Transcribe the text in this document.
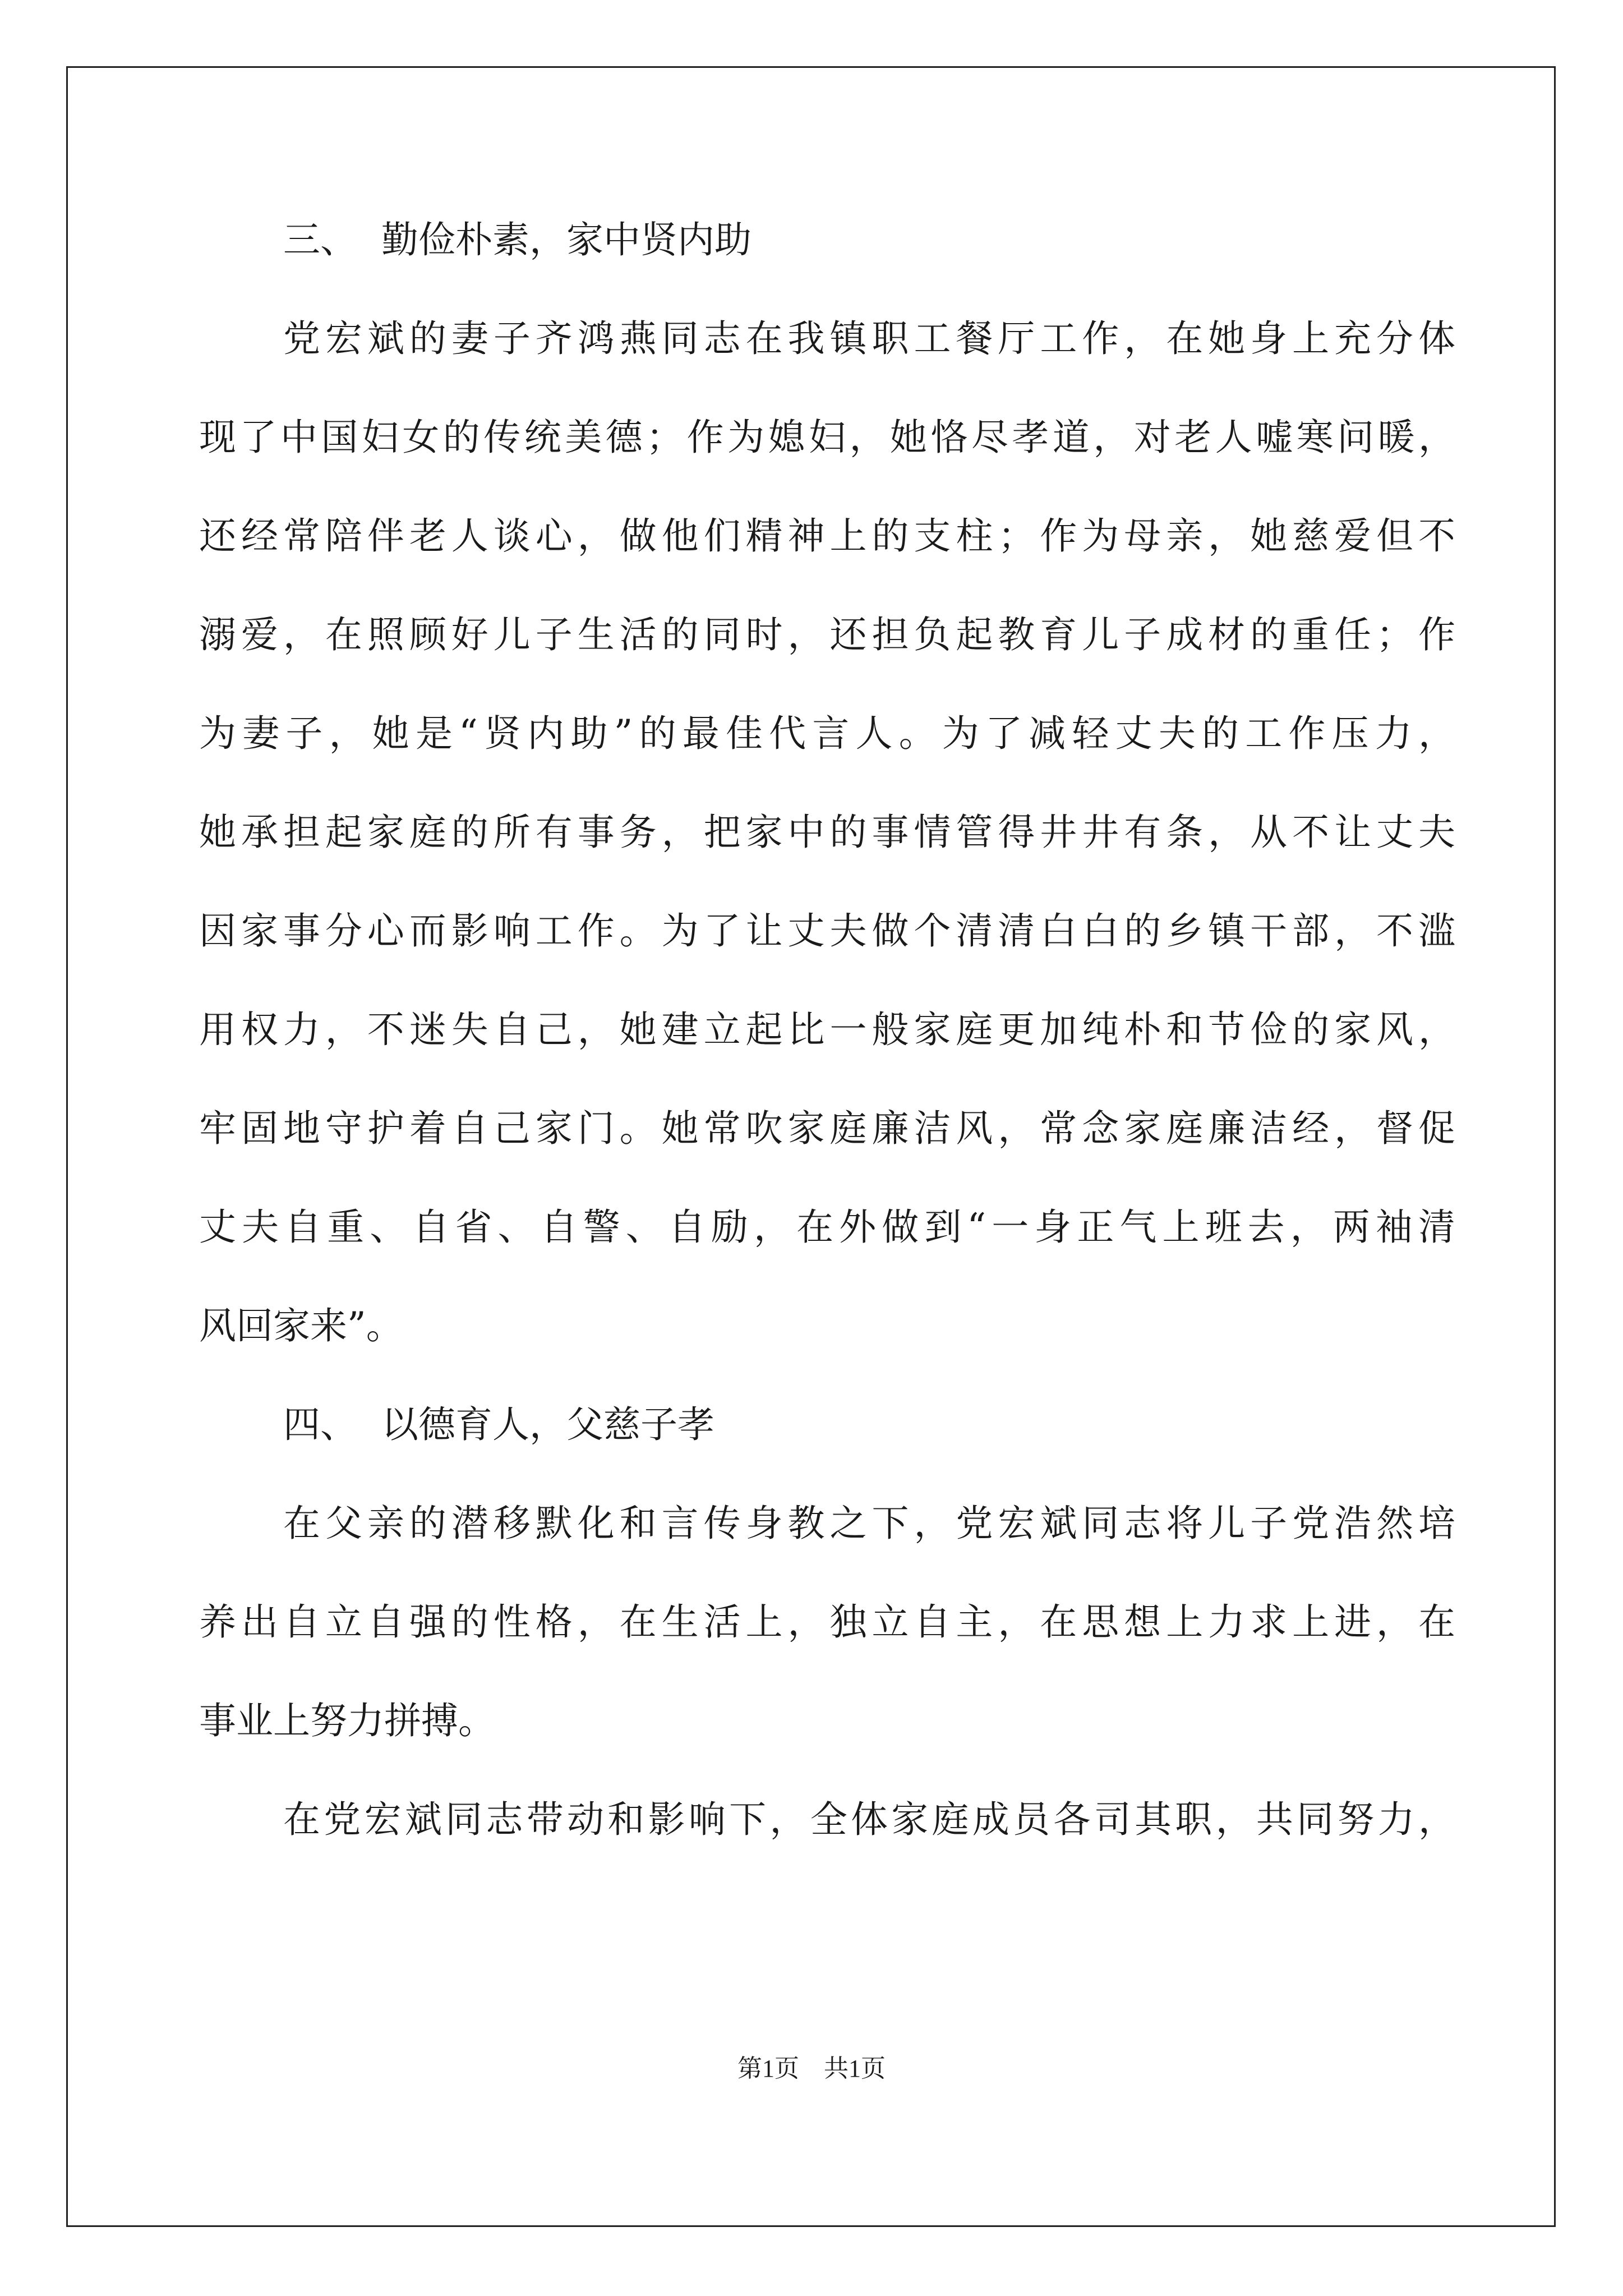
三、 勤俭朴素，家中贤内助
党宏斌的妻子齐鸿燕同志在我镇职工餐厅工作，在她身上充分体
现了中国妇女的传统美德；作为媳妇，她恪尽孝道，对老人嘘寒问暖，
还经常陪伴老人谈心，做他们精神上的支柱；作为母亲，她慈爱但不
溺爱，在照顾好儿子生活的同时，还担负起教育儿子成材的重任；作
为妻子，她是“贤内助”的最佳代言人。为了减轻丈夫的工作压力，
她承担起家庭的所有事务，把家中的事情管得井井有条，从不让丈夫
因家事分心而影响工作。为了让丈夫做个清清白白的乡镇干部，不滥
用权力，不迷失自己，她建立起比一般家庭更加纯朴和节俭的家风，
牢固地守护着自己家门。她常吹家庭廉洁风，常念家庭廉洁经，督促
丈夫自重、自省、自警、自励，在外做到“一身正气上班去，两袖清
风回家来”。
四、 以德育人，父慈子孝
在父亲的潜移默化和言传身教之下，党宏斌同志将儿子党浩然培
养出自立自强的性格，在生活上，独立自主，在思想上力求上进，在
事业上努力拼搏。
在党宏斌同志带动和影响下，全体家庭成员各司其职，共同努力，
第1页 共1页
